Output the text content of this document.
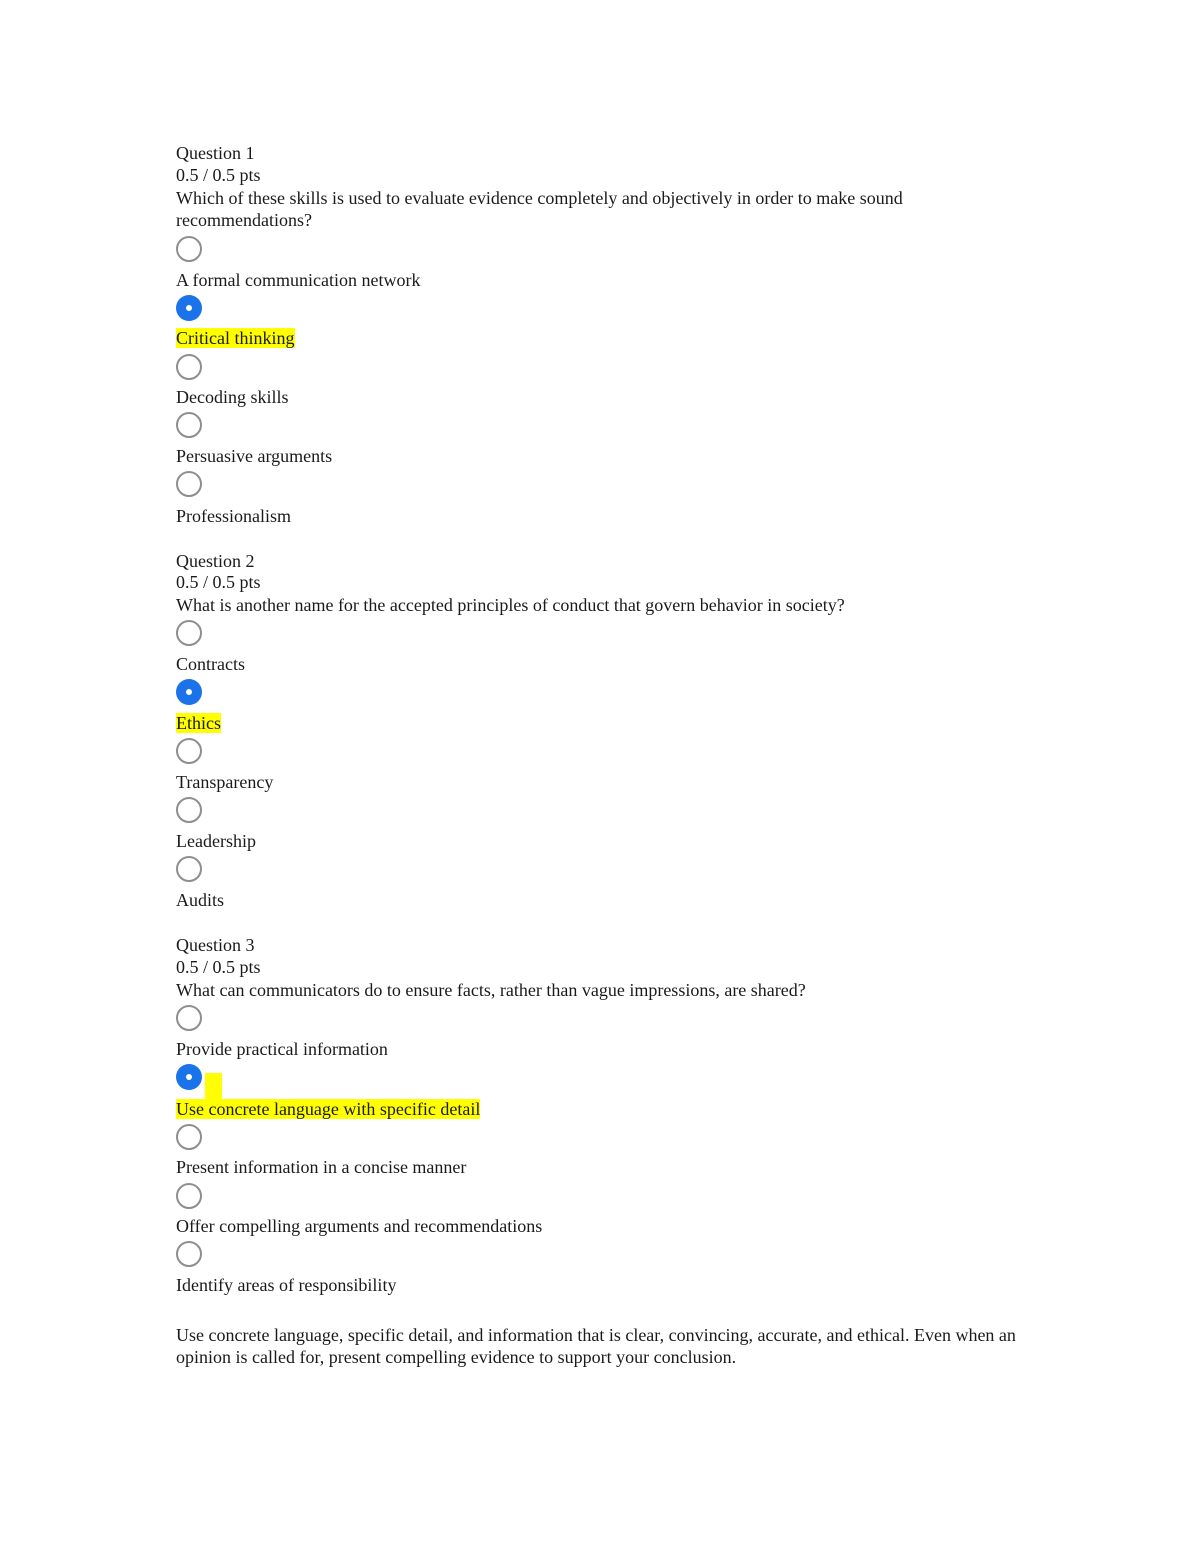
Question 1

0.5 / 0.5 pts

Which of these skills is used to evaluate evidence completely and objectively in order to make sound recommendations?

A formal communication network

Critical thinking

Decoding skills

Persuasive arguments

Professionalism

Question 2

0.5 / 0.5 pts

What is another name for the accepted principles of conduct that govern behavior in society?

Contracts

Ethics

Transparency

Leadership

Audits

Question 3

0.5 / 0.5 pts

What can communicators do to ensure facts, rather than vague impressions, are shared?

Provide practical information

Use concrete language with specific detail

Present information in a concise manner

Offer compelling arguments and recommendations

Identify areas of responsibility

Use concrete language, specific detail, and information that is clear, convincing, accurate, and ethical. Even when an opinion is called for, present compelling evidence to support your conclusion.
